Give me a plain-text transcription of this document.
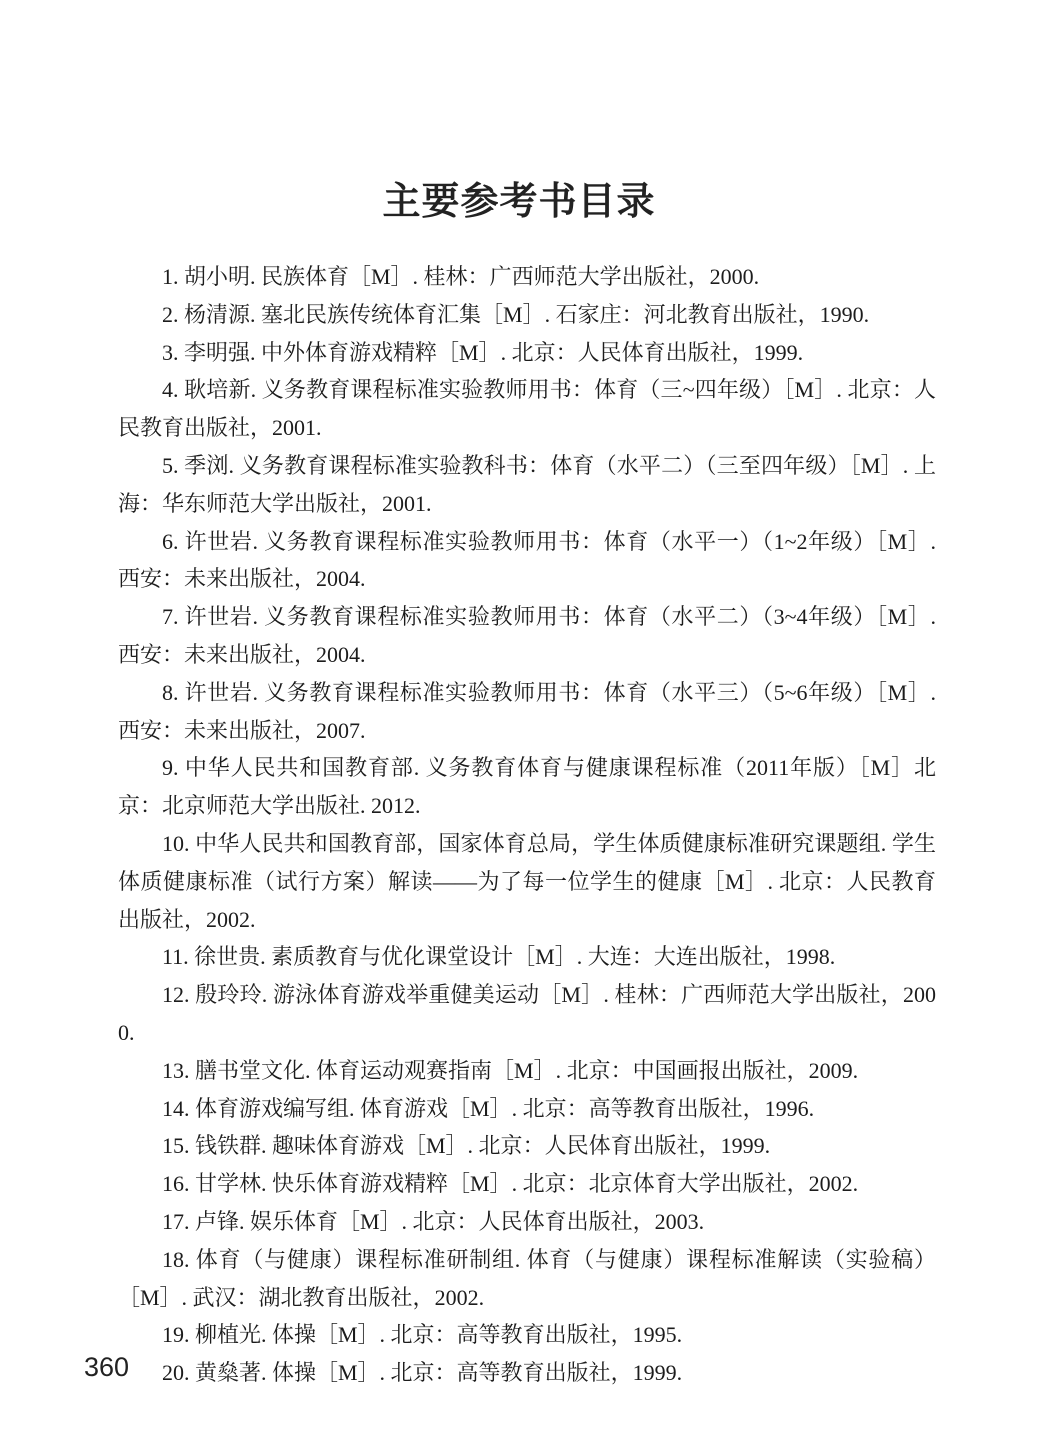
主要参考书目录

1. 胡小明. 民族体育［M］. 桂林：广西师范大学出版社，2000.

2. 杨清源. 塞北民族传统体育汇集［M］. 石家庄：河北教育出版社，1990.

3. 李明强. 中外体育游戏精粹［M］. 北京：人民体育出版社，1999.

4. 耿培新. 义务教育课程标准实验教师用书：体育（三~四年级）［M］. 北京：人民教育出版社，2001.

5. 季浏. 义务教育课程标准实验教科书：体育（水平二）（三至四年级）［M］. 上海：华东师范大学出版社，2001.

6. 许世岩. 义务教育课程标准实验教师用书：体育（水平一）（1~2年级）［M］. 西安：未来出版社，2004.

7. 许世岩. 义务教育课程标准实验教师用书：体育（水平二）（3~4年级）［M］. 西安：未来出版社，2004.

8. 许世岩. 义务教育课程标准实验教师用书：体育（水平三）（5~6年级）［M］. 西安：未来出版社，2007.

9. 中华人民共和国教育部. 义务教育体育与健康课程标准（2011年版）［M］北京：北京师范大学出版社. 2012.

10. 中华人民共和国教育部，国家体育总局，学生体质健康标准研究课题组. 学生体质健康标准（试行方案）解读——为了每一位学生的健康［M］. 北京：人民教育出版社，2002.

11. 徐世贵. 素质教育与优化课堂设计［M］. 大连：大连出版社，1998.

12. 殷玲玲. 游泳体育游戏举重健美运动［M］. 桂林：广西师范大学出版社，2000.

13. 膳书堂文化. 体育运动观赛指南［M］. 北京：中国画报出版社，2009.

14. 体育游戏编写组. 体育游戏［M］. 北京：高等教育出版社，1996.

15. 钱铁群. 趣味体育游戏［M］. 北京：人民体育出版社，1999.

16. 甘学林. 快乐体育游戏精粹［M］. 北京：北京体育大学出版社，2002.

17. 卢锋. 娱乐体育［M］. 北京：人民体育出版社，2003.

18. 体育（与健康）课程标准研制组. 体育（与健康）课程标准解读（实验稿）［M］. 武汉：湖北教育出版社，2002.

19. 柳植光. 体操［M］. 北京：高等教育出版社，1995.

20. 黄燊著. 体操［M］. 北京：高等教育出版社，1999.

360
